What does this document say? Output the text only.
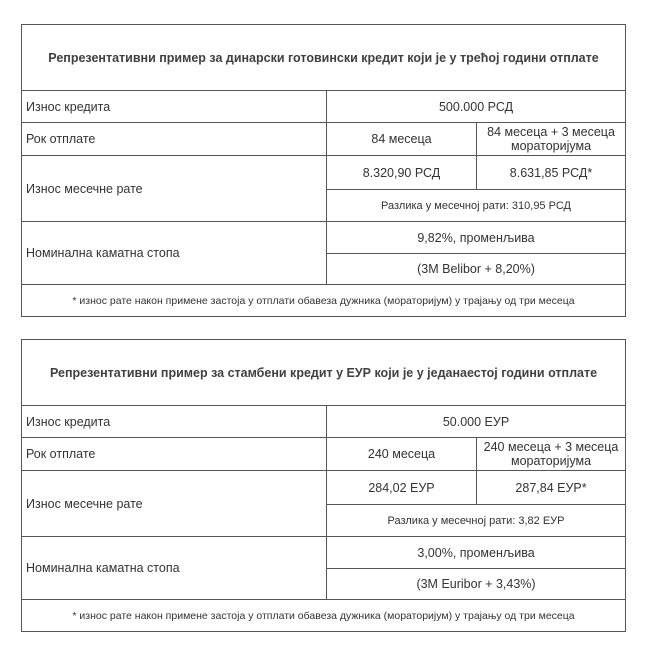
Репрезентативни пример за динарски готовински кредит који је у трећој години отплате		
Износ кредита	500.000 РСД	
Рок отплате	84 месеца	84 месеца + 3 месеца мораторијума
Износ месечне рате	8.320,90 РСД	8.631,85 РСД*
	Разлика у месечној рати: 310,95 РСД	
Номинална каматна стопа	9,82%, променљива	
	(3M Belibor + 8,20%)	
* износ рате након примене застоја у отплати обавеза дужника (мораторијум) у трајању од три месеца		
Репрезентативни пример за стамбени кредит у ЕУР који је у једанаестој години отплате		
Износ кредита	50.000 ЕУР	
Рок отплате	240 месеца	240 месеца + 3 месеца мораторијума
Износ месечне рате	284,02 ЕУР	287,84 ЕУР*
	Разлика у месечној рати: 3,82 ЕУР	
Номинална каматна стопа	3,00%, променљива	
	(3M Euribor + 3,43%)	
* износ рате након примене застоја у отплати обавеза дужника (мораторијум) у трајању од три месеца		
